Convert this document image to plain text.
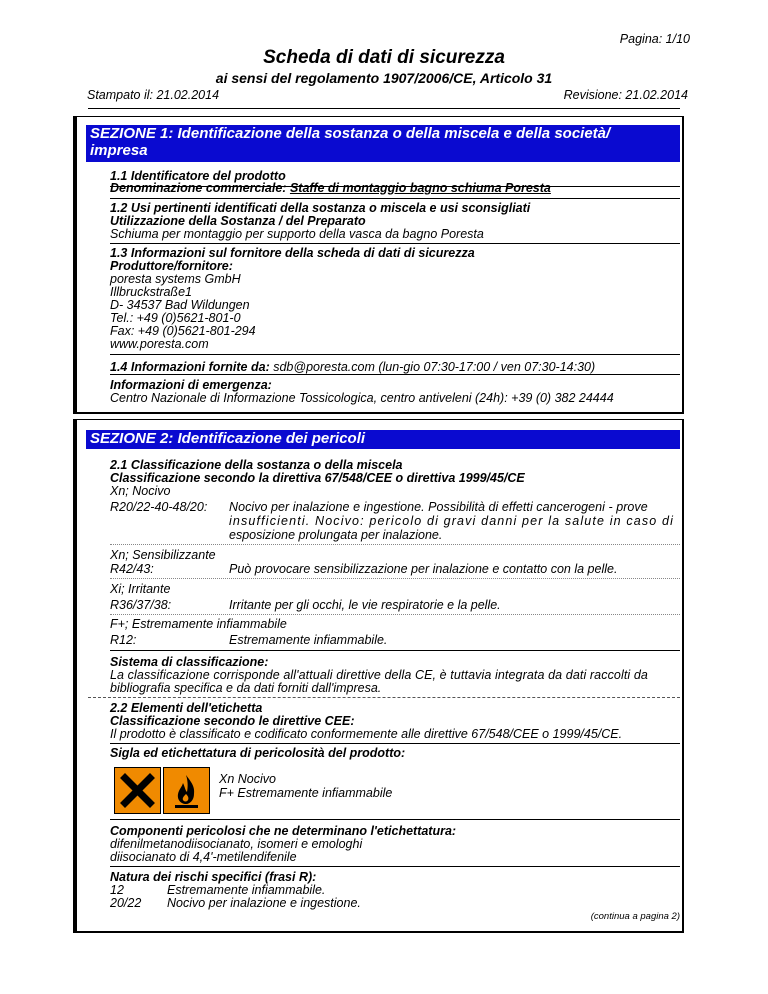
Pagina: 1/10
Scheda di dati di sicurezza
ai sensi del regolamento 1907/2006/CE, Articolo 31
Stampato il: 21.02.2014	Revisione: 21.02.2014
SEZIONE 1: Identificazione della sostanza o della miscela e della società/
impresa
1.1 Identificatore del prodotto
Denominazione commerciale: Staffe di montaggio bagno schiuma Poresta
1.2 Usi pertinenti identificati della sostanza o miscela e usi sconsigliati
Utilizzazione della Sostanza / del Preparato
Schiuma per montaggio per supporto della vasca da bagno Poresta
1.3 Informazioni sul fornitore della scheda di dati di sicurezza
Produttore/fornitore:
poresta systems GmbH
Illbruckstraße1
D- 34537 Bad Wildungen
Tel.: +49 (0)5621-801-0
Fax: +49 (0)5621-801-294
www.poresta.com
1.4 Informazioni fornite da: sdb@poresta.com (lun-gio 07:30-17:00 / ven 07:30-14:30)
Informazioni di emergenza:
Centro Nazionale di Informazione Tossicologica, centro antiveleni (24h): +39 (0) 382 24444
SEZIONE 2: Identificazione dei pericoli
2.1 Classificazione della sostanza o della miscela
Classificazione secondo la direttiva 67/548/CEE o direttiva 1999/45/CE
Xn; Nocivo
R20/22-40-48/20: Nocivo per inalazione e ingestione. Possibilità di effetti cancerogeni - prove
insufficienti. Nocivo: pericolo di gravi danni per la salute in caso di
esposizione prolungata per inalazione.
Xn; Sensibilizzante
R42/43:	Può provocare sensibilizzazione per inalazione e contatto con la pelle.
Xi; Irritante
R36/37/38:	Irritante per gli occhi, le vie respiratorie e la pelle.
F+; Estremamente infiammabile
R12:	Estremamente infiammabile.
Sistema di classificazione:
La classificazione corrisponde all'attuali direttive della CE, è tuttavia integrata da dati raccolti da
bibliografia specifica e da dati forniti dall'impresa.
2.2 Elementi dell'etichetta
Classificazione secondo le direttive CEE:
Il prodotto è classificato e codificato conformemente alle direttive 67/548/CEE o 1999/45/CE.
Sigla ed etichettatura di pericolosità del prodotto:
Xn Nocivo
F+ Estremamente infiammabile
Componenti pericolosi che ne determinano l'etichettatura:
difenilmetanodiisocianato, isomeri e emologhi
diisocianato di 4,4'-metilendifenile
Natura dei rischi specifici (frasi R):
12	Estremamente infiammabile.
20/22 Nocivo per inalazione e ingestione.
(continua a pagina 2)
